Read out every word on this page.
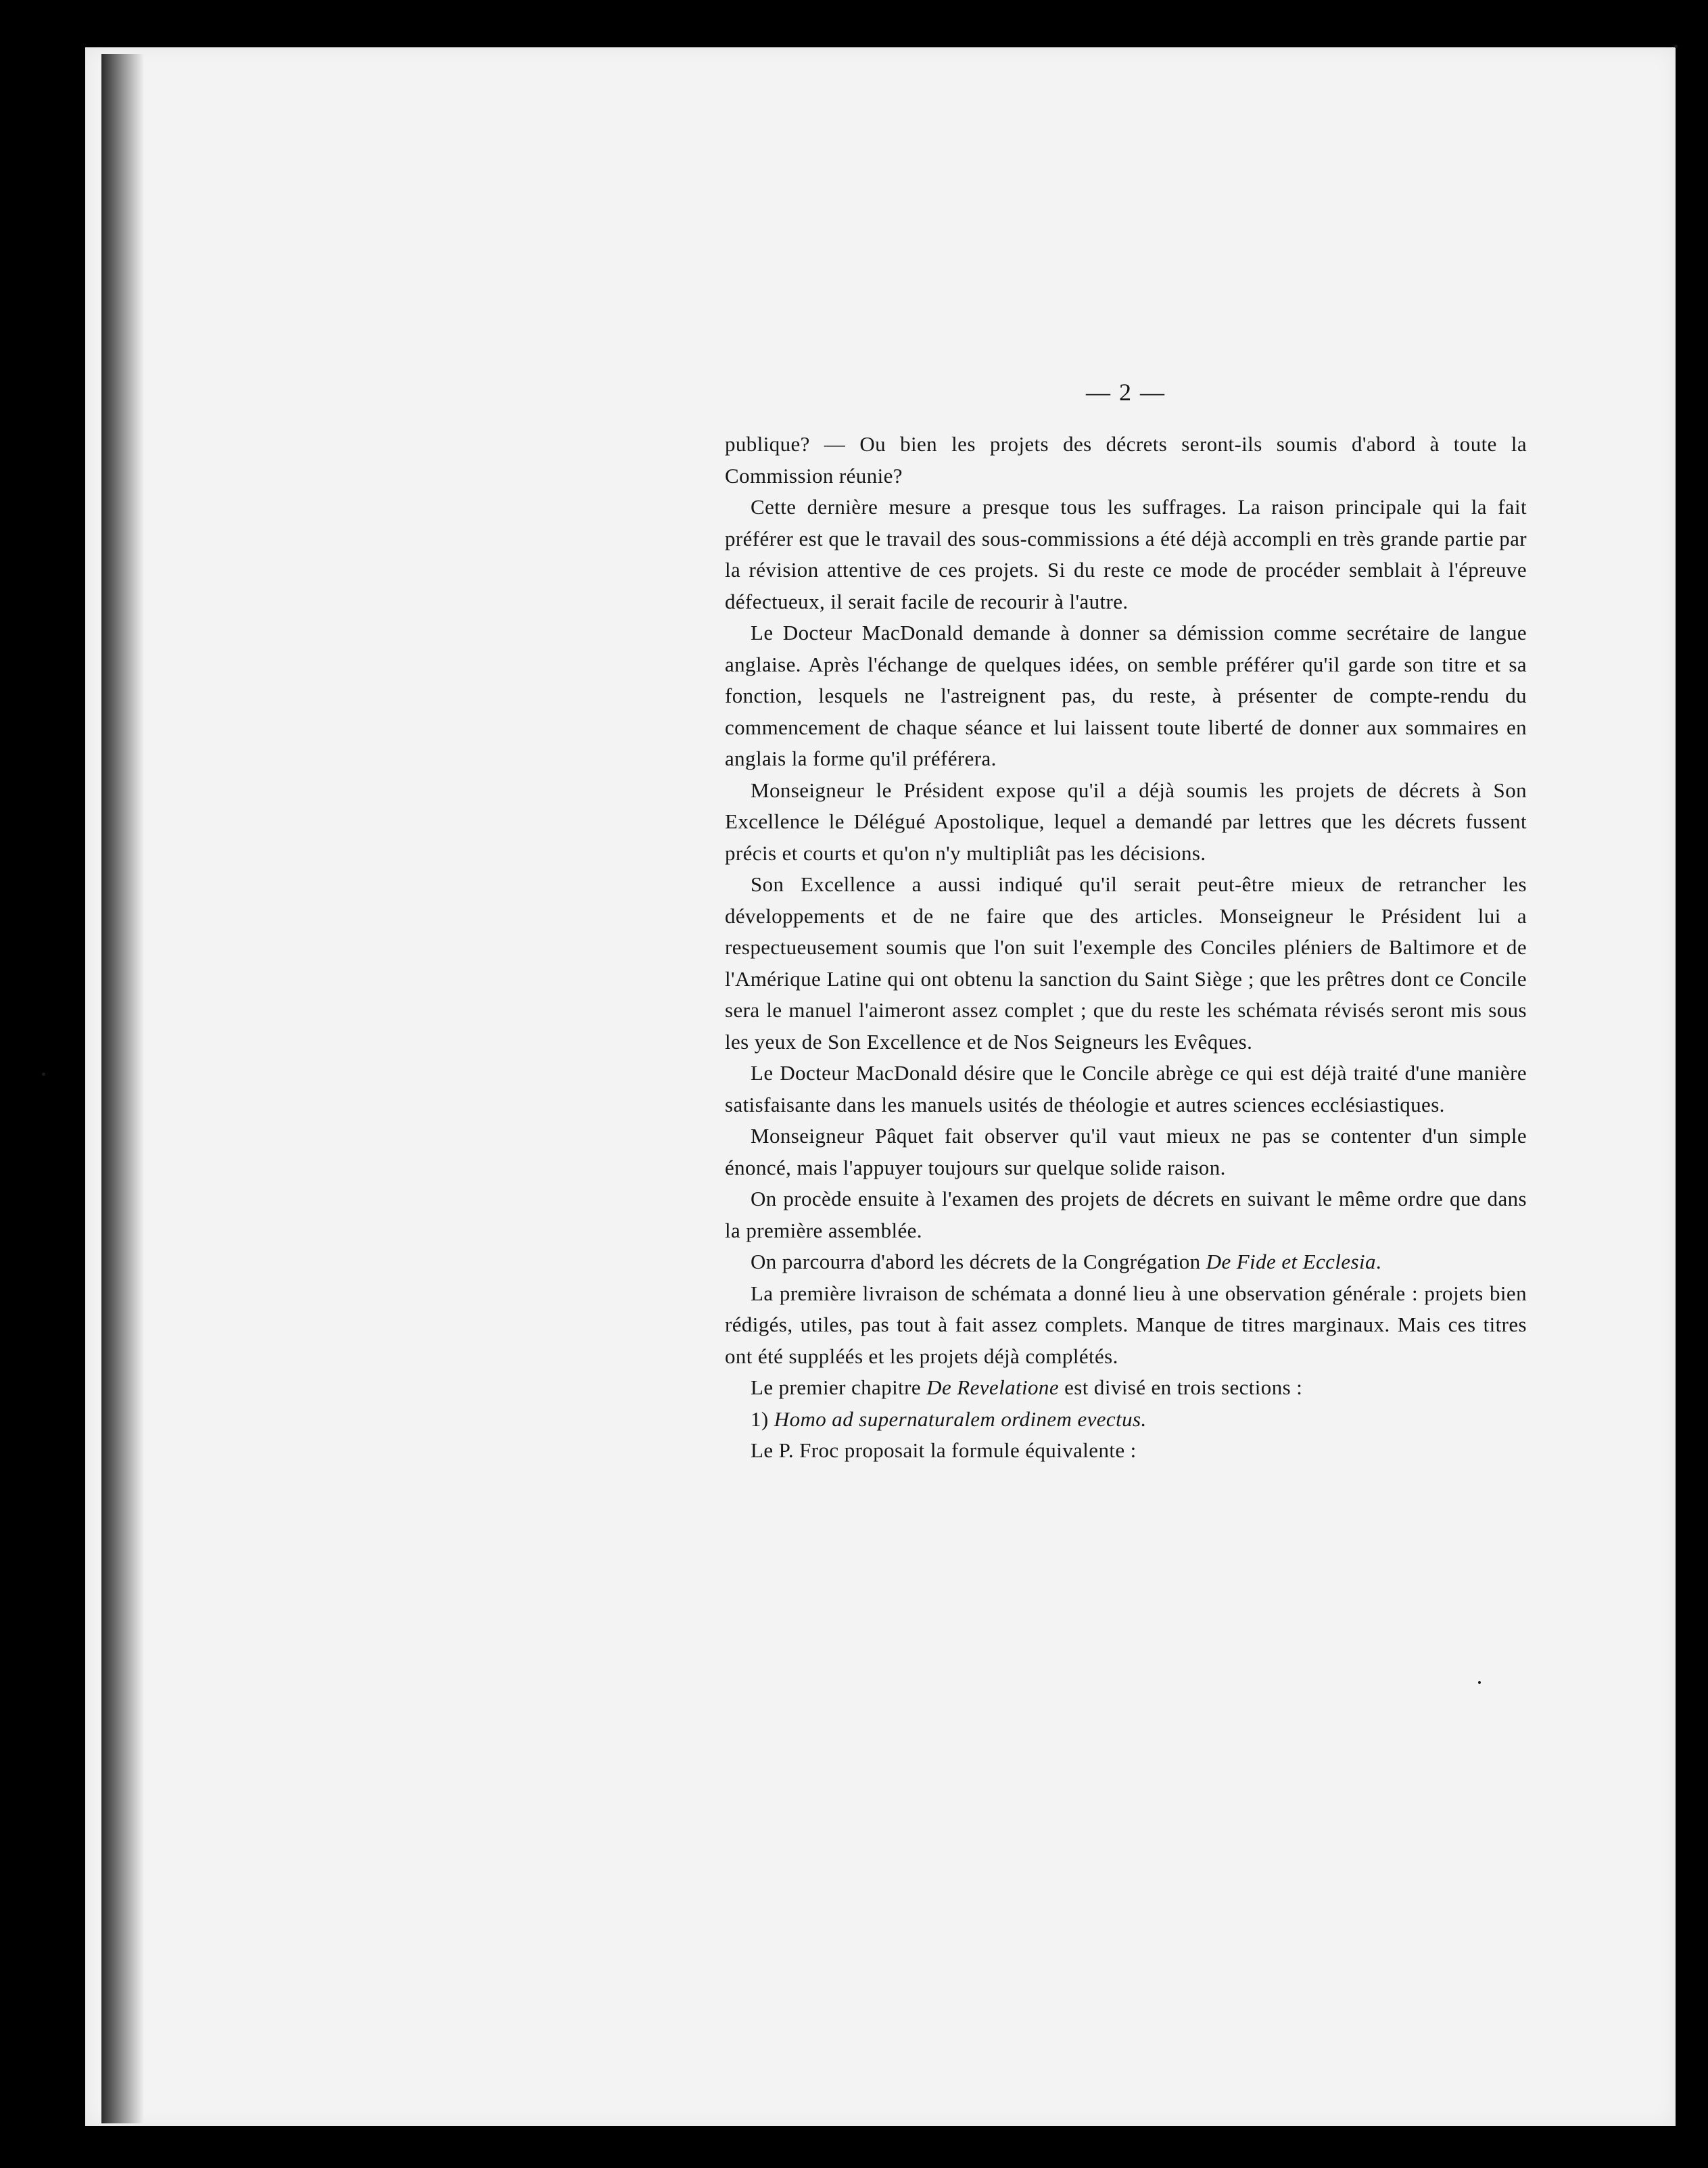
— 2 —

publique? — Ou bien les projets des décrets seront-ils soumis d'abord à toute la Commission réunie?

Cette dernière mesure a presque tous les suffrages. La raison principale qui la fait préférer est que le travail des sous-commissions a été déjà accompli en très grande partie par la révision attentive de ces projets. Si du reste ce mode de procéder semblait à l'épreuve défectueux, il serait facile de recourir à l'autre.

Le Docteur MacDonald demande à donner sa démission comme secrétaire de langue anglaise. Après l'échange de quelques idées, on semble préférer qu'il garde son titre et sa fonction, lesquels ne l'astreignent pas, du reste, à présenter de compte-rendu du commencement de chaque séance et lui laissent toute liberté de donner aux sommaires en anglais la forme qu'il préférera.

Monseigneur le Président expose qu'il a déjà soumis les projets de décrets à Son Excellence le Délégué Apostolique, lequel a demandé par lettres que les décrets fussent précis et courts et qu'on n'y multipliât pas les décisions.

Son Excellence a aussi indiqué qu'il serait peut-être mieux de retrancher les développements et de ne faire que des articles. Monseigneur le Président lui a respectueusement soumis que l'on suit l'exemple des Conciles pléniers de Baltimore et de l'Amérique Latine qui ont obtenu la sanction du Saint Siège ; que les prêtres dont ce Concile sera le manuel l'aimeront assez complet ; que du reste les schémata révisés seront mis sous les yeux de Son Excellence et de Nos Seigneurs les Evêques.

Le Docteur MacDonald désire que le Concile abrège ce qui est déjà traité d'une manière satisfaisante dans les manuels usités de théologie et autres sciences ecclésiastiques.

Monseigneur Pâquet fait observer qu'il vaut mieux ne pas se contenter d'un simple énoncé, mais l'appuyer toujours sur quelque solide raison.

On procède ensuite à l'examen des projets de décrets en suivant le même ordre que dans la première assemblée.

On parcourra d'abord les décrets de la Congrégation De Fide et Ecclesia.

La première livraison de schémata a donné lieu à une observation générale : projets bien rédigés, utiles, pas tout à fait assez complets. Manque de titres marginaux. Mais ces titres ont été suppléés et les projets déjà complétés.

Le premier chapitre De Revelatione est divisé en trois sections :

1) Homo ad supernaturalem ordinem evectus.

Le P. Froc proposait la formule équivalente :
